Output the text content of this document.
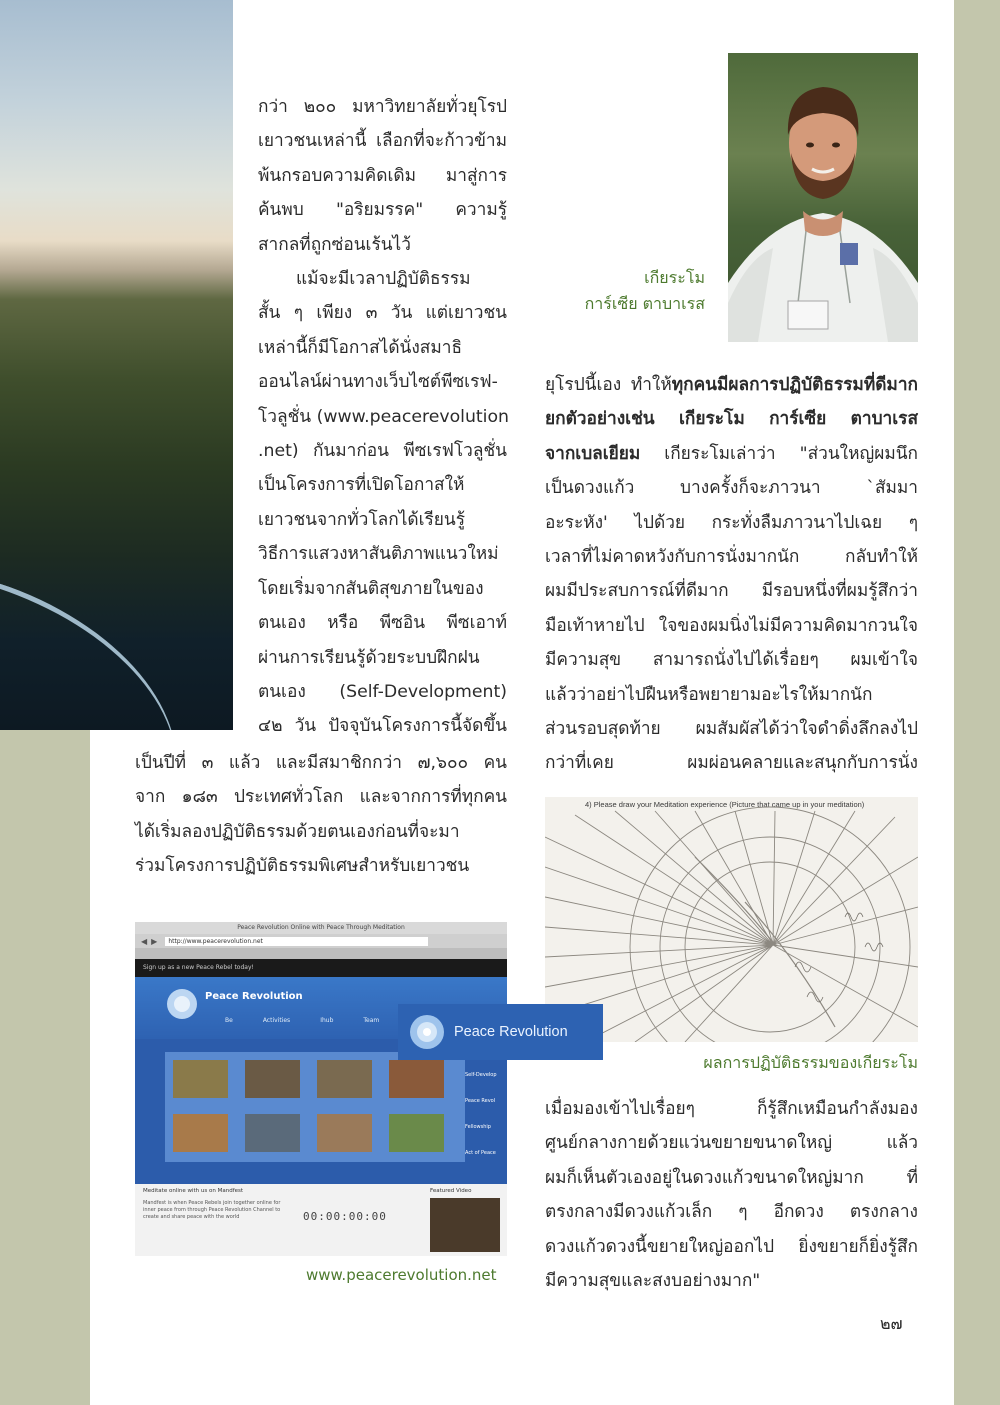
กว่า ๒๐๐ มหาวิทยาลัยทั่วยุโรป
เยาวชนเหล่านี้ เลือกที่จะก้าวข้าม
พ้นกรอบความคิดเดิม มาสู่การ
ค้นพบ "อริยมรรค" ความรู้
สากลที่ถูกซ่อนเร้นไว้
แม้จะมีเวลาปฏิบัติธรรม
สั้น ๆ เพียง ๓ วัน แต่เยาวชน
เหล่านี้ก็มีโอกาสได้นั่งสมาธิ
ออนไลน์ผ่านทางเว็บไซต์พีซเรฟ-
โวลูชั่น (www.peacerevolution
.net) กันมาก่อน พีซเรฟโวลูชั่น
เป็นโครงการที่เปิดโอกาสให้
เยาวชนจากทั่วโลกได้เรียนรู้
วิธีการแสวงหาสันติภาพแนวใหม่
โดยเริ่มจากสันติสุขภายในของ
ตนเอง หรือ พีซอิน พีซเอาท์
ผ่านการเรียนรู้ด้วยระบบฝึกฝน
ตนเอง (Self-Development)
๔๒ วัน ปัจจุบันโครงการนี้จัดขึ้น
เป็นปีที่ ๓ แล้ว และมีสมาชิกกว่า ๗,๖๐๐ คน
จาก ๑๘๓ ประเทศทั่วโลก และจากการที่ทุกคน
ได้เริ่มลองปฏิบัติธรรมด้วยตนเองก่อนที่จะมา
ร่วมโครงการปฏิบัติธรรมพิเศษสำหรับเยาวชน
เกียระโม
การ์เซีย ตาบาเรส
ยุโรปนี้เอง ทำให้ทุกคนมีผลการปฏิบัติธรรมที่ดีมาก
ยกตัวอย่างเช่น เกียระโม การ์เซีย ตาบาเรส
จากเบลเยียม เกียระโมเล่าว่า "ส่วนใหญ่ผมนึก
เป็นดวงแก้ว บางครั้งก็จะภาวนา `สัมมา
อะระหัง' ไปด้วย กระทั่งลืมภาวนาไปเฉย ๆ
เวลาที่ไม่คาดหวังกับการนั่งมากนัก กลับทำให้
ผมมีประสบการณ์ที่ดีมาก มีรอบหนึ่งที่ผมรู้สึกว่า
มือเท้าหายไป ใจของผมนิ่งไม่มีความคิดมากวนใจ
มีความสุข สามารถนั่งไปได้เรื่อยๆ ผมเข้าใจ
แล้วว่าอย่าไปฝืนหรือพยายามอะไรให้มากนัก
ส่วนรอบสุดท้าย ผมสัมผัสได้ว่าใจดำดิ่งลึกลงไป
กว่าที่เคย ผมผ่อนคลายและสนุกกับการนั่ง
4) Please draw your Meditation experience (Picture that came up in your meditation)

ผลการปฏิบัติธรรมของเกียระโม

เมื่อมองเข้าไปเรื่อยๆ ก็รู้สึกเหมือนกำลังมอง
ศูนย์กลางกายด้วยแว่นขยายขนาดใหญ่ แล้ว
ผมก็เห็นตัวเองอยู่ในดวงแก้วขนาดใหญ่มาก ที่
ตรงกลางมีดวงแก้วเล็ก ๆ อีกดวง ตรงกลาง
ดวงแก้วดวงนี้ขยายใหญ่ออกไป ยิ่งขยายก็ยิ่งรู้สึก
มีความสุขและสงบอย่างมาก"
Peace Revolution Online with Peace Through Meditation
◀ ▶	http://www.peacerevolution.net
Sign up as a new Peace Rebel today!
Peace Revolution
Be	Activities	Ihub	Team
Self-Develop
Peace Revol
Fellowship
Act of Peace
Meditate online with us on Mandfest
Mandfest is when Peace Rebels join together online for inner peace from through Peace Revolution Channel to create and share peace with the world	00:00:00:00
Featured Video
Peace Revolution

www.peacerevolution.net

๒๗
